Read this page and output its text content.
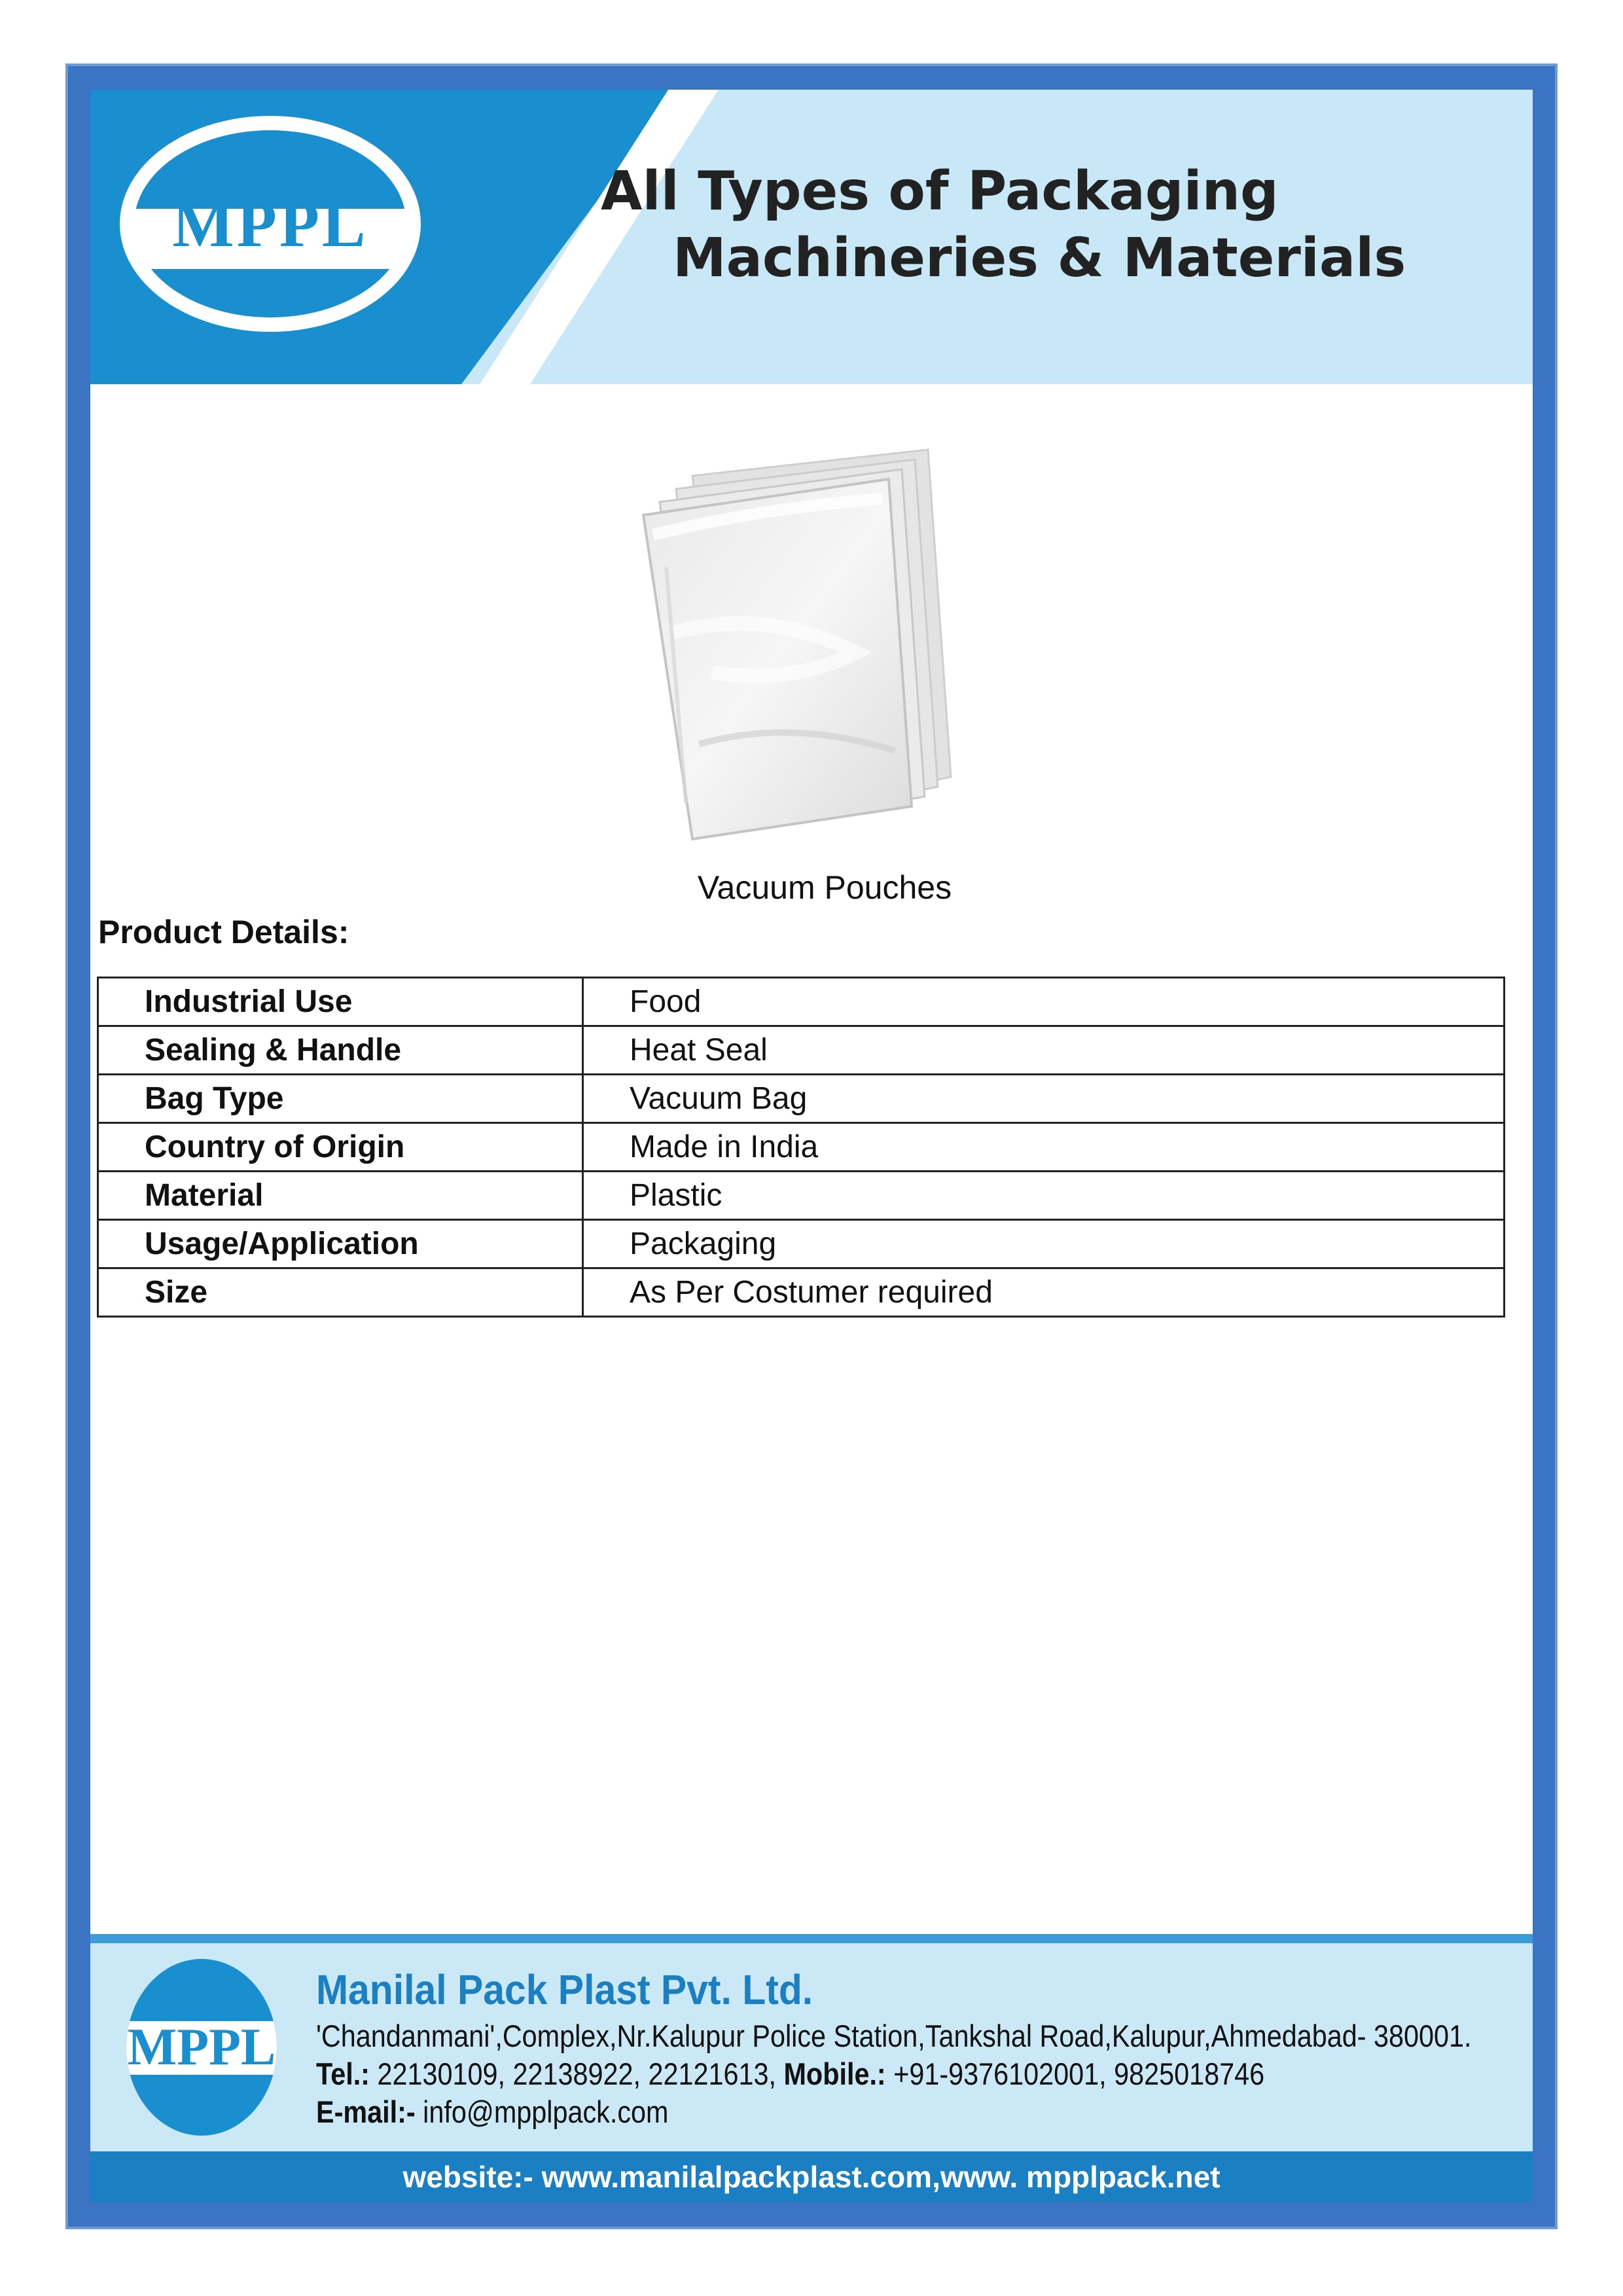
MPPL	All Types of Packaging
Machineries & Materials
Vacuum Pouches
Product Details:
Industrial Use	Food
Sealing & Handle	Heat Seal
Bag Type	Vacuum Bag
Country of Origin	Made in India
Material	Plastic
Usage/Application	Packaging
Size	As Per Costumer required
MPPL
Manilal Pack Plast Pvt. Ltd.
'Chandanmani',Complex,Nr.Kalupur Police Station,Tankshal Road,Kalupur,Ahmedabad- 380001.
Tel.: 22130109, 22138922, 22121613, Mobile.: +91-9376102001, 9825018746
E-mail:- info@mpplpack.com
website:- www.manilalpackplast.com,www. mpplpack.net
